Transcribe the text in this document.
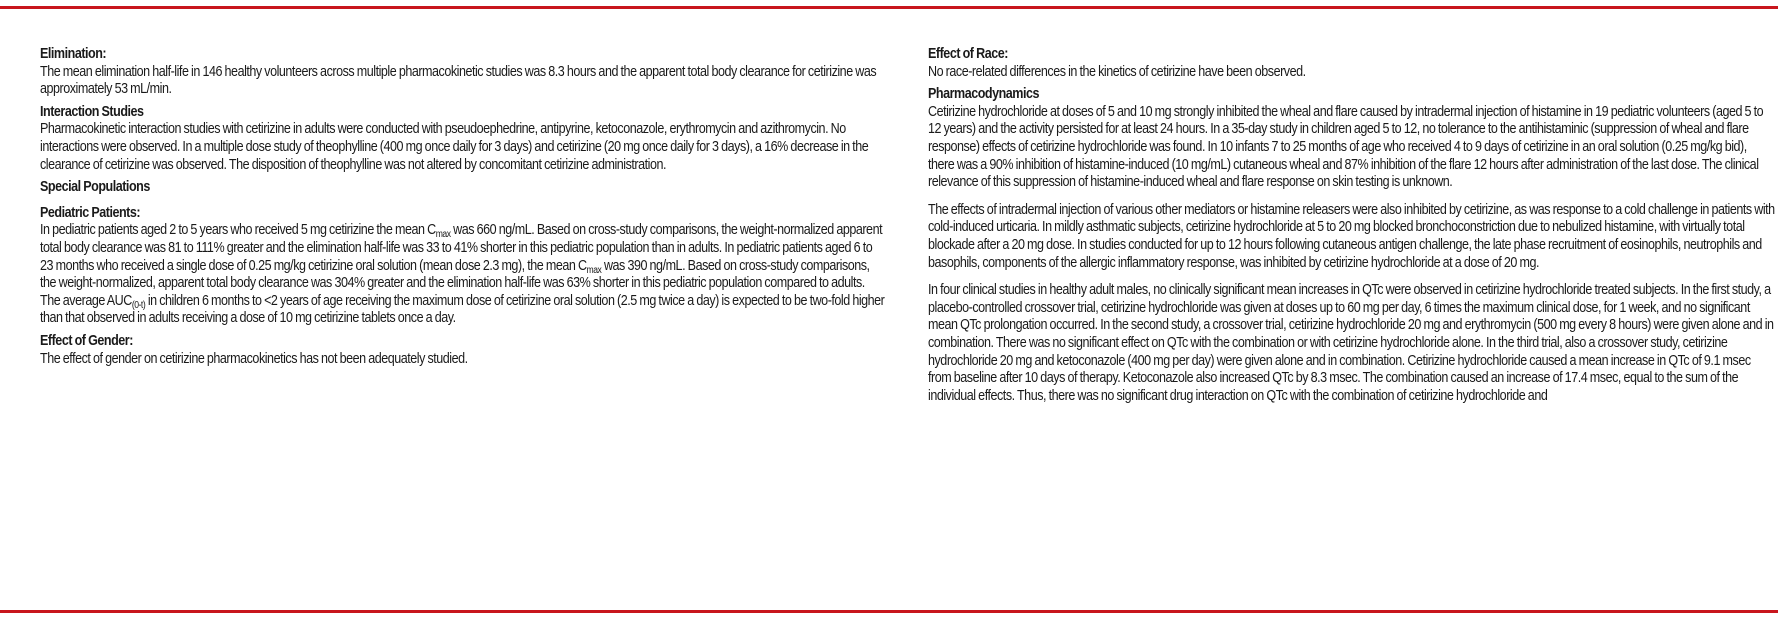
Elimination:

The mean elimination half-life in 146 healthy volunteers across multiple pharmacokinetic studies was 8.3 hours and the apparent total body clearance for cetirizine was approximately 53 mL/min.

Interaction Studies

Pharmacokinetic interaction studies with cetirizine in adults were conducted with pseudoephedrine, antipyrine, ketoconazole, erythromycin and azithromycin. No interactions were observed. In a multiple dose study of theophylline (400 mg once daily for 3 days) and cetirizine (20 mg once daily for 3 days), a 16% decrease in the clearance of cetirizine was observed. The disposition of theophylline was not altered by concomitant cetirizine administration.

Special Populations

Pediatric Patients:

In pediatric patients aged 2 to 5 years who received 5 mg cetirizine the mean $C_{max}$ was 660 ng/mL. Based on cross-study comparisons, the weight-normalized apparent total body clearance was 81 to 111% greater and the elimination half-life was 33 to 41% shorter in this pediatric population than in adults. In pediatric patients aged 6 to 23 months who received a single dose of 0.25 mg/kg cetirizine oral solution (mean dose 2.3 mg), the mean $C_{max}$ was 390 ng/mL. Based on cross-study comparisons, the weight-normalized, apparent total body clearance was 304% greater and the elimination half-life was 63% shorter in this pediatric population compared to adults. The average $AUC_{(0-t)}$ in children 6 months to <2 years of age receiving the maximum dose of cetirizine oral solution (2.5 mg twice a day) is expected to be two-fold higher than that observed in adults receiving a dose of 10 mg cetirizine tablets once a day.

Effect of Gender:

The effect of gender on cetirizine pharmacokinetics has not been adequately studied.

Effect of Race:

No race-related differences in the kinetics of cetirizine have been observed.

Pharmacodynamics

Cetirizine hydrochloride at doses of 5 and 10 mg strongly inhibited the wheal and flare caused by intradermal injection of histamine in 19 pediatric volunteers (aged 5 to 12 years) and the activity persisted for at least 24 hours. In a 35-day study in children aged 5 to 12, no tolerance to the antihistaminic (suppression of wheal and flare response) effects of cetirizine hydrochloride was found. In 10 infants 7 to 25 months of age who received 4 to 9 days of cetirizine in an oral solution (0.25 mg/kg bid), there was a 90% inhibition of histamine-induced (10 mg/mL) cutaneous wheal and 87% inhibition of the flare 12 hours after administration of the last dose. The clinical relevance of this suppression of histamine-induced wheal and flare response on skin testing is unknown.

The effects of intradermal injection of various other mediators or histamine releasers were also inhibited by cetirizine, as was response to a cold challenge in patients with cold-induced urticaria. In mildly asthmatic subjects, cetirizine hydrochloride at 5 to 20 mg blocked bronchoconstriction due to nebulized histamine, with virtually total blockade after a 20 mg dose. In studies conducted for up to 12 hours following cutaneous antigen challenge, the late phase recruitment of eosinophils, neutrophils and basophils, components of the allergic inflammatory response, was inhibited by cetirizine hydrochloride at a dose of 20 mg.

In four clinical studies in healthy adult males, no clinically significant mean increases in QTc were observed in cetirizine hydrochloride treated subjects. In the first study, a placebo-controlled crossover trial, cetirizine hydrochloride was given at doses up to 60 mg per day, 6 times the maximum clinical dose, for 1 week, and no significant mean QTc prolongation occurred. In the second study, a crossover trial, cetirizine hydrochloride 20 mg and erythromycin (500 mg every 8 hours) were given alone and in combination. There was no significant effect on QTc with the combination or with cetirizine hydrochloride alone. In the third trial, also a crossover study, cetirizine hydrochloride 20 mg and ketoconazole (400 mg per day) were given alone and in combination. Cetirizine hydrochloride caused a mean increase in QTc of 9.1 msec from baseline after 10 days of therapy. Ketoconazole also increased QTc by 8.3 msec. The combination caused an increase of 17.4 msec, equal to the sum of the individual effects. Thus, there was no significant drug interaction on QTc with the combination of cetirizine hydrochloride and
